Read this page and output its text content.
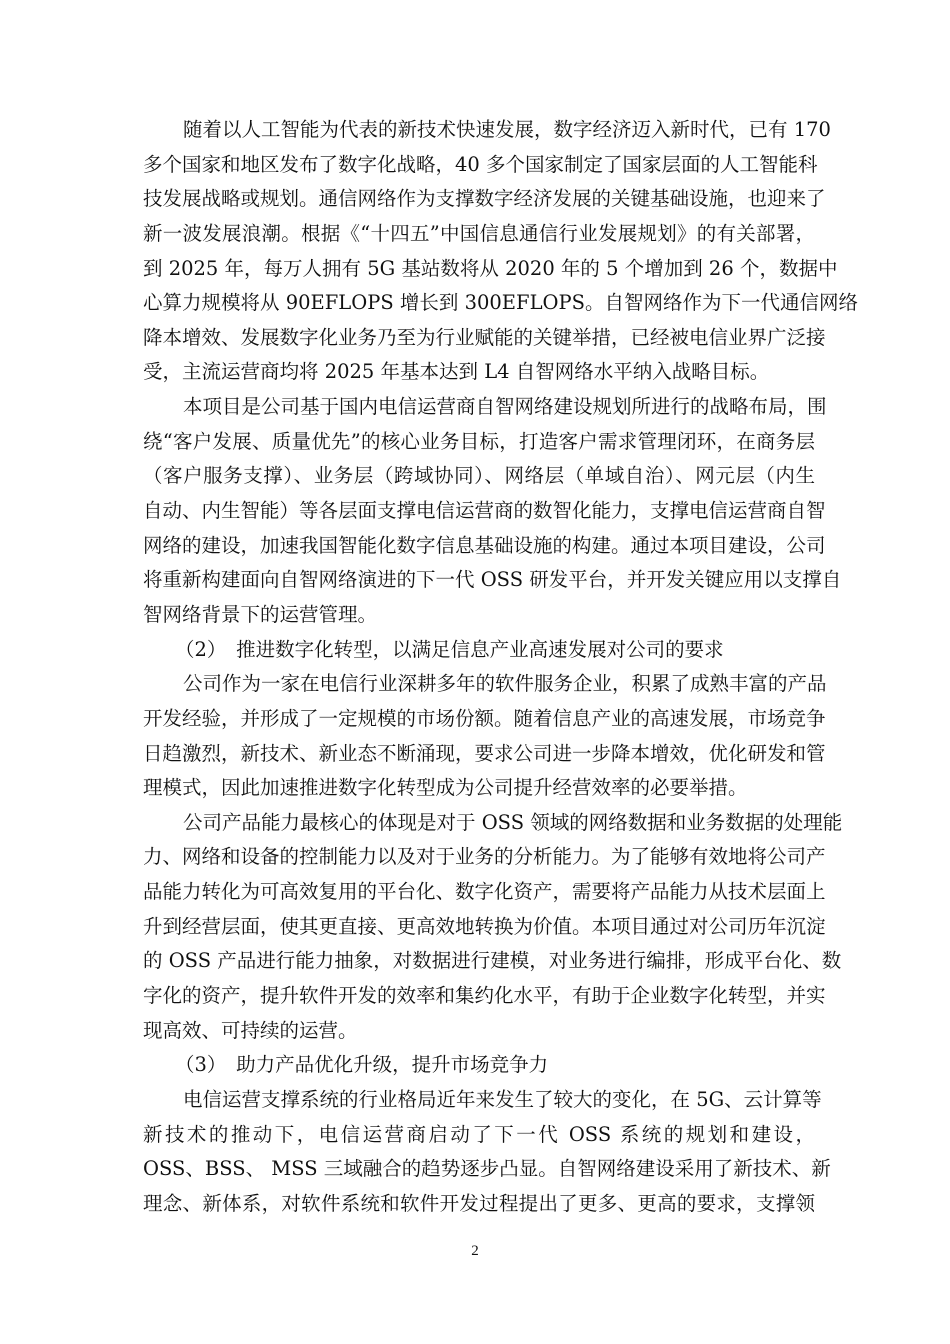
随着以人工智能为代表的新技术快速发展，数字经济迈入新时代，已有 170
多个国家和地区发布了数字化战略，40 多个国家制定了国家层面的人工智能科
技发展战略或规划。通信网络作为支撑数字经济发展的关键基础设施，也迎来了
新一波发展浪潮。根据《“十四五”中国信息通信行业发展规划》的有关部署，
到 2025 年，每万人拥有 5G 基站数将从 2020 年的 5 个增加到 26 个，数据中
心算力规模将从 90EFLOPS 增长到 300EFLOPS。自智网络作为下一代通信网络
降本增效、发展数字化业务乃至为行业赋能的关键举措，已经被电信业界广泛接
受，主流运营商均将 2025 年基本达到 L4 自智网络水平纳入战略目标。
本项目是公司基于国内电信运营商自智网络建设规划所进行的战略布局，围
绕“客户发展、质量优先”的核心业务目标，打造客户需求管理闭环，在商务层
（客户服务支撑）、业务层（跨域协同）、网络层（单域自治）、网元层（内生
自动、内生智能）等各层面支撑电信运营商的数智化能力，支撑电信运营商自智
网络的建设，加速我国智能化数字信息基础设施的构建。通过本项目建设，公司
将重新构建面向自智网络演进的下一代 OSS 研发平台，并开发关键应用以支撑自
智网络背景下的运营管理。
（2）　推进数字化转型，以满足信息产业高速发展对公司的要求
公司作为一家在电信行业深耕多年的软件服务企业，积累了成熟丰富的产品
开发经验，并形成了一定规模的市场份额。随着信息产业的高速发展，市场竞争
日趋激烈，新技术、新业态不断涌现，要求公司进一步降本增效，优化研发和管
理模式，因此加速推进数字化转型成为公司提升经营效率的必要举措。
公司产品能力最核心的体现是对于 OSS 领域的网络数据和业务数据的处理能
力、网络和设备的控制能力以及对于业务的分析能力。为了能够有效地将公司产
品能力转化为可高效复用的平台化、数字化资产，需要将产品能力从技术层面上
升到经营层面，使其更直接、更高效地转换为价值。本项目通过对公司历年沉淀
的 OSS 产品进行能力抽象，对数据进行建模，对业务进行编排，形成平台化、数
字化的资产，提升软件开发的效率和集约化水平，有助于企业数字化转型，并实
现高效、可持续的运营。
（3）　助力产品优化升级，提升市场竞争力
电信运营支撑系统的行业格局近年来发生了较大的变化，在 5G、云计算等
新技术的推动下，电信运营商启动了下一代 OSS 系统的规划和建设，
OSS、BSS、 MSS 三域融合的趋势逐步凸显。自智网络建设采用了新技术、新
理念、新体系，对软件系统和软件开发过程提出了更多、更高的要求，支撑领
2
